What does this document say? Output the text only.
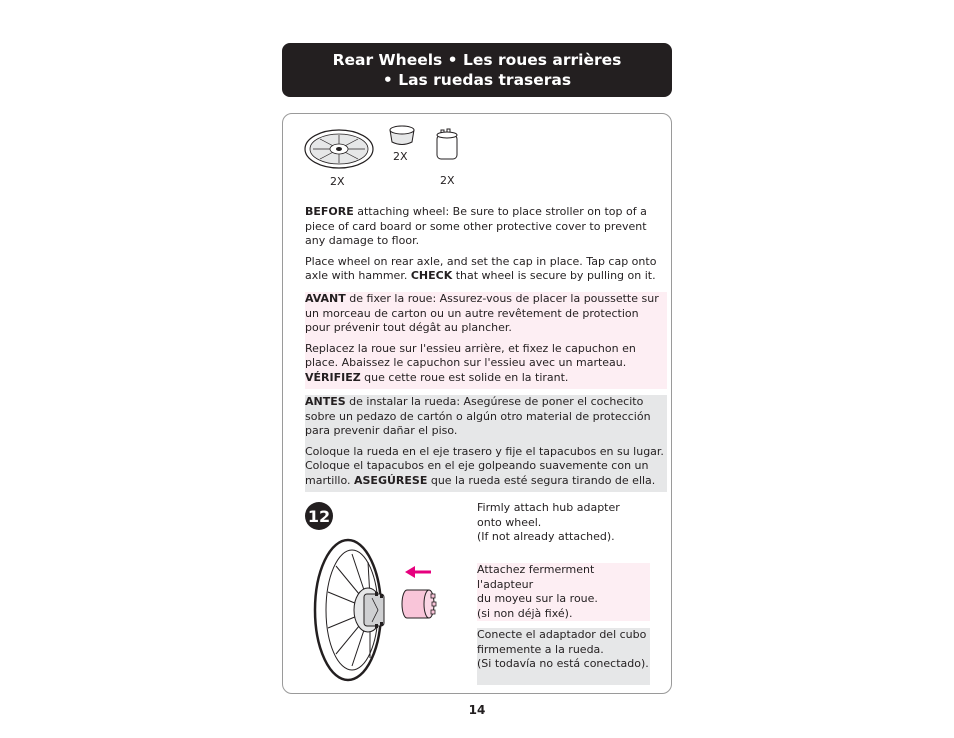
Rear Wheels • Les roues arrières
• Las ruedas traseras
2X
2X
2X

BEFORE attaching wheel: Be sure to place stroller on top of a piece of card board or some other protective cover to prevent any damage to floor.

Place wheel on rear axle, and set the cap in place. Tap cap onto axle with hammer. CHECK that wheel is secure by pulling on it.

AVANT de fixer la roue: Assurez-vous de placer la poussette sur un morceau de carton ou un autre revêtement de protection pour prévenir tout dégât au plancher.

Replacez la roue sur l'essieu arrière, et fixez le capuchon en place. Abaissez le capuchon sur l'essieu avec un marteau. VÉRIFIEZ que cette roue est solide en la tirant.

ANTES de instalar la rueda: Asegúrese de poner el cochecito sobre un pedazo de cartón o algún otro material de protección para prevenir dañar el piso.

Coloque la rueda en el eje trasero y fije el tapacubos en su lugar. Coloque el tapacubos en el eje golpeando suavemente con un martillo. ASEGÚRESE que la rueda esté segura tirando de ella.

12	Firmly attach hub adapter
onto wheel.
(If not already attached).
Attachez fermerment l'adapteur
du moyeu sur la roue.
(si non déjà fixé).
Conecte el adaptador del cubo
firmemente a la rueda.
(Si todavía no está conectado).
14
